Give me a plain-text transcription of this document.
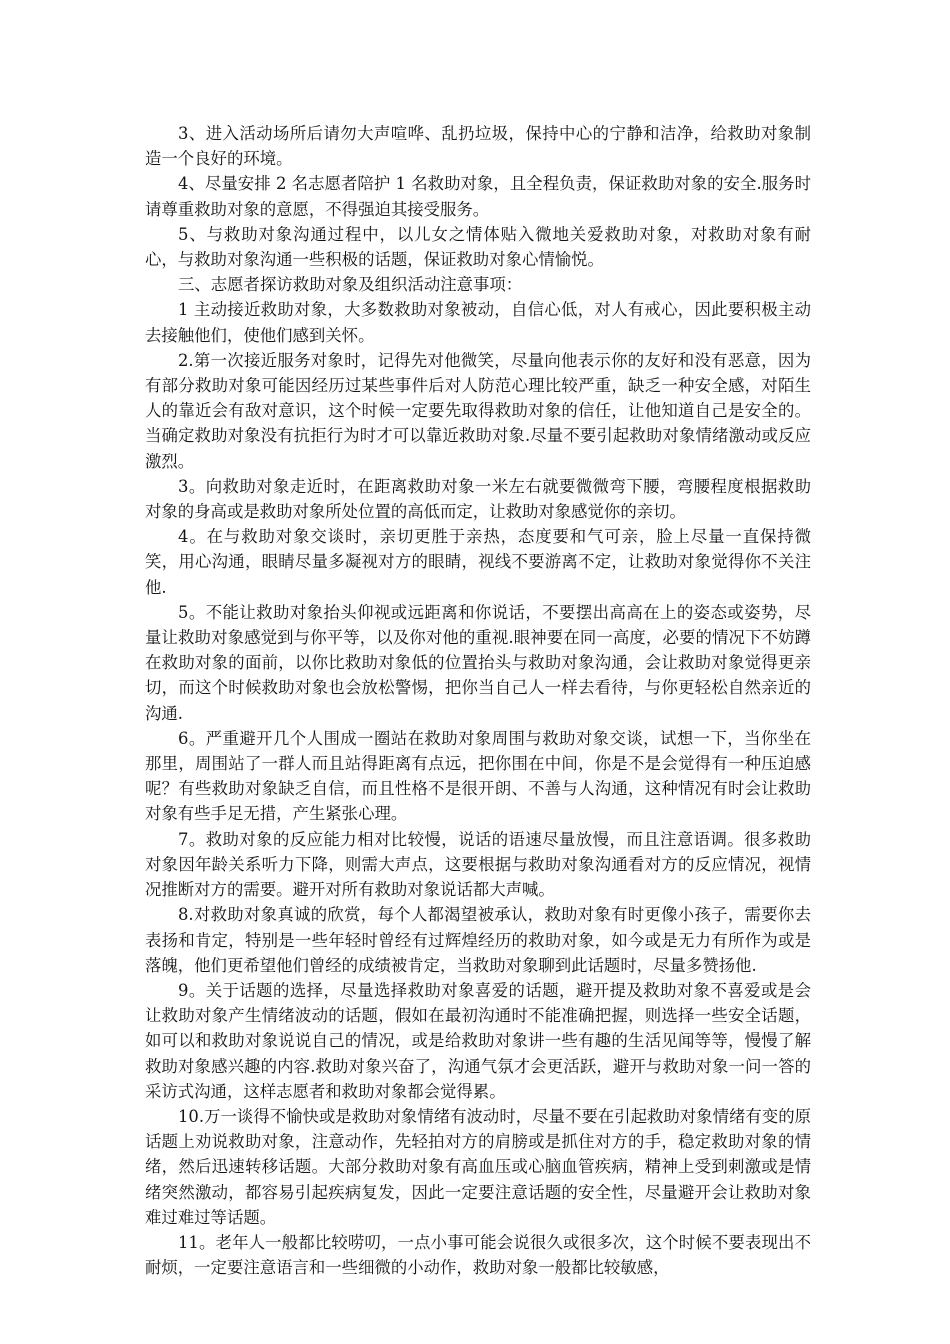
3、进入活动场所后请勿大声喧哗、乱扔垃圾，保持中心的宁静和洁净，给救助对象制造一个良好的环境。

4、尽量安排 2 名志愿者陪护 1 名救助对象，且全程负责，保证救助对象的安全.服务时请尊重救助对象的意愿，不得强迫其接受服务。

5、与救助对象沟通过程中，以儿女之情体贴入微地关爱救助对象，对救助对象有耐心，与救助对象沟通一些积极的话题，保证救助对象心情愉悦。

三、志愿者探访救助对象及组织活动注意事项：

1 主动接近救助对象，大多数救助对象被动，自信心低，对人有戒心，因此要积极主动去接触他们，使他们感到关怀。

2.第一次接近服务对象时，记得先对他微笑，尽量向他表示你的友好和没有恶意，因为有部分救助对象可能因经历过某些事件后对人防范心理比较严重，缺乏一种安全感，对陌生人的靠近会有敌对意识，这个时候一定要先取得救助对象的信任，让他知道自己是安全的。当确定救助对象没有抗拒行为时才可以靠近救助对象.尽量不要引起救助对象情绪激动或反应激烈。

3。向救助对象走近时，在距离救助对象一米左右就要微微弯下腰，弯腰程度根据救助对象的身高或是救助对象所处位置的高低而定，让救助对象感觉你的亲切。

4。在与救助对象交谈时，亲切更胜于亲热，态度要和气可亲，脸上尽量一直保持微笑，用心沟通，眼睛尽量多凝视对方的眼睛，视线不要游离不定，让救助对象觉得你不关注他.

5。不能让救助对象抬头仰视或远距离和你说话，不要摆出高高在上的姿态或姿势，尽量让救助对象感觉到与你平等，以及你对他的重视.眼神要在同一高度，必要的情况下不妨蹲在救助对象的面前，以你比救助对象低的位置抬头与救助对象沟通，会让救助对象觉得更亲切，而这个时候救助对象也会放松警惕，把你当自己人一样去看待，与你更轻松自然亲近的沟通.

6。严重避开几个人围成一圈站在救助对象周围与救助对象交谈，试想一下，当你坐在那里，周围站了一群人而且站得距离有点远，把你围在中间，你是不是会觉得有一种压迫感呢？有些救助对象缺乏自信，而且性格不是很开朗、不善与人沟通，这种情况有时会让救助对象有些手足无措，产生紧张心理。

7。救助对象的反应能力相对比较慢，说话的语速尽量放慢，而且注意语调。很多救助对象因年龄关系听力下降，则需大声点，这要根据与救助对象沟通看对方的反应情况，视情况推断对方的需要。避开对所有救助对象说话都大声喊。

8.对救助对象真诚的欣赏，每个人都渴望被承认，救助对象有时更像小孩子，需要你去表扬和肯定，特别是一些年轻时曾经有过辉煌经历的救助对象，如今或是无力有所作为或是落魄，他们更希望他们曾经的成绩被肯定，当救助对象聊到此话题时，尽量多赞扬他.

9。关于话题的选择，尽量选择救助对象喜爱的话题，避开提及救助对象不喜爱或是会让救助对象产生情绪波动的话题，假如在最初沟通时不能准确把握，则选择一些安全话题，如可以和救助对象说说自己的情况，或是给救助对象讲一些有趣的生活见闻等等，慢慢了解救助对象感兴趣的内容.救助对象兴奋了，沟通气氛才会更活跃，避开与救助对象一问一答的采访式沟通，这样志愿者和救助对象都会觉得累。

10.万一谈得不愉快或是救助对象情绪有波动时，尽量不要在引起救助对象情绪有变的原话题上劝说救助对象，注意动作，先轻拍对方的肩膀或是抓住对方的手，稳定救助对象的情绪，然后迅速转移话题。大部分救助对象有高血压或心脑血管疾病，精神上受到刺激或是情绪突然激动，都容易引起疾病复发，因此一定要注意话题的安全性，尽量避开会让救助对象难过难过等话题。

11。老年人一般都比较唠叨，一点小事可能会说很久或很多次，这个时候不要表现出不耐烦，一定要注意语言和一些细微的小动作，救助对象一般都比较敏感，
